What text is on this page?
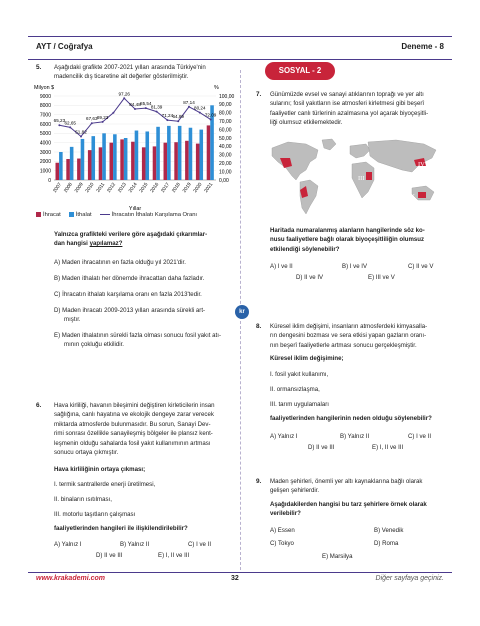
AYT / Coğrafya	Deneme - 8
SOSYAL - 2
5. Aşağıdaki grafikte 2007-2021 yılları arasında Türkiye'nin
madencilik dış ticaretine ait değerler gösterilmiştir.
Milyon $	%
9000
8000
7000
6000
5000
4000
3000
2000
1000
0
100,00
90,00
80,00
70,00
60,00
50,00
40,00
30,00
20,00
10,00
0,00
2007 2008 2009 2010 2011 2012 2013 2014 2015 2016 2017 2018 2019 2020 2021
65,23 62,65
51,82
67,63 69,23
97,26
84,48 85,54
81,39
71,24 64,89
87,14
80,24
72,09
Yıllar
İhracat	İthalat	İhracatın İthalatı Karşılama Oranı
Yalnızca grafikteki verilere göre aşağıdaki çıkarımlar-
dan hangisi yapılamaz?
A) Maden ihracatının en fazla olduğu yıl 2021'dir.
B) Maden ithalatı her dönemde ihracattan daha fazladır.
C) İhracatın ithalatı karşılama oranı en fazla 2013'tedir.
D) Maden ihracatı 2009-2013 yılları arasında sürekli art-
mıştır.
E) Maden ithalatının sürekli fazla olması sonucu fosil yakıt atı-
mının çokluğu etkilidir.
6. Hava kirliliği, havanın bileşimini değiştiren kirleticilerin insan
sağlığına, canlı hayatına ve ekolojik dengeye zarar verecek
miktarda atmosferde bulunmasıdır. Bu sorun, Sanayi Dev-
rimi sonrası özellikle sanayileşmiş bölgeler ile plansız kent-
leşmenin olduğu sahalarda fosil yakıt kullanımının artması
sonucu ortaya çıkmıştır.
Hava kirliliğinin ortaya çıkması;
I. termik santrallerde enerji üretilmesi,
II. binaların ısıtılması,
III. motorlu taşıtların çalışması
faaliyetlerinden hangileri ile ilişkilendirilebilir?
A) Yalnız I	B) Yalnız II	C) I ve II
D) II ve III	E) I, II ve III
7. Günümüzde evsel ve sanayi atıklarının toprağı ve yer altı
sularını; fosil yakıtların ise atmosferi kirletmesi gibi beşerî
faaliyetler canlı türlerinin azalmasına yol açarak biyoçeşitli-
liği olumsuz etkilemektedir.
I
II
III
IV
V
Haritada numaralanmış alanların hangilerinde söz ko-
nusu faaliyetlere bağlı olarak biyoçeşitliliğin olumsuz
etkilendiği söylenebilir?
A) I ve II	B) I ve IV	C) II ve V
D) II ve IV	E) III ve V
kr
8. Küresel iklim değişimi, insanların atmosferdeki kimyasalla-
rın dengesini bozması ve sera etkisi yapan gazların oranı-
nın beşerî faaliyetlerle artması sonucu gerçekleşmiştir.
Küresel iklim değişimine;
I. fosil yakıt kullanımı,
II. ormansızlaşma,
III. tarım uygulamaları
faaliyetlerinden hangilerinin neden olduğu söylenebilir?
A) Yalnız I	B) Yalnız II	C) I ve II
D) II ve III	E) I, II ve III
9. Maden şehirleri, önemli yer altı kaynaklarına bağlı olarak
gelişen şehirlerdir.
Aşağıdakilerden hangisi bu tarz şehirlere örnek olarak
verilebilir?
A) Essen	B) Venedik
C) Tokyo	D) Roma
E) Marsilya
www.krakademi.com	32	Diğer sayfaya geçiniz.
